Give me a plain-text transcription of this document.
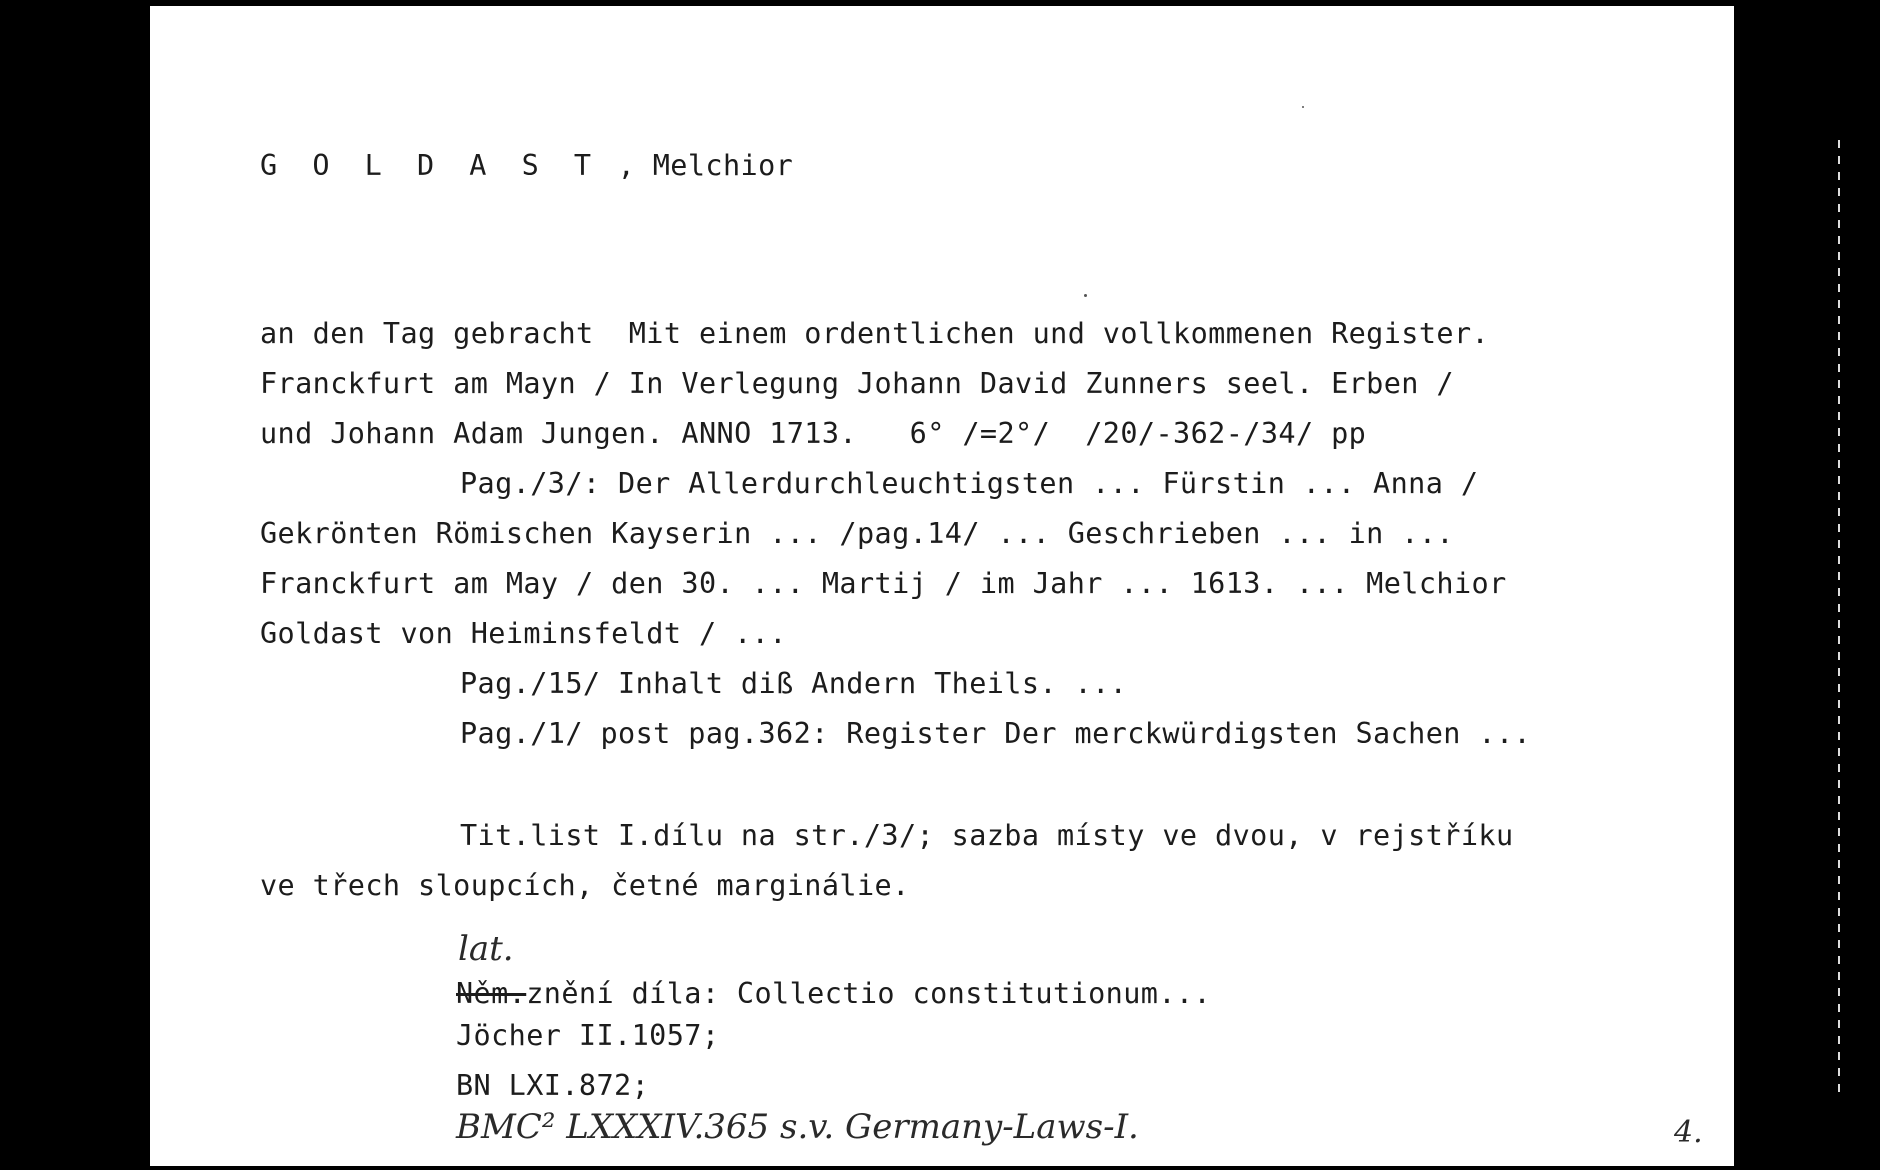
G O L D A S T , Melchior
an den Tag gebracht  Mit einem ordentlichen und vollkommenen Register.
Franckfurt am Mayn / In Verlegung Johann David Zunners seel. Erben /
und Johann Adam Jungen. ANNO 1713.   6° /=2°/  /20/-362-/34/ pp
Pag./3/: Der Allerdurchleuchtigsten ... Fürstin ... Anna /
Gekrönten Römischen Kayserin ... /pag.14/ ... Geschrieben ... in ...
Franckfurt am May / den 30. ... Martij / im Jahr ... 1613. ... Melchior
Goldast von Heiminsfeldt / ...
Pag./15/ Inhalt diß Andern Theils. ...
Pag./1/ post pag.362: Register Der merckwürdigsten Sachen ...
Tit.list I.dílu na str./3/; sazba místy ve dvou, v rejstříku
ve třech sloupcích, četné marginálie.
lat.
Něm.znění díla: Collectio constitutionum...
Jöcher II.1057;
BN LXI.872;
BMC² LXXXIV.365 s.v. Germany-Laws-I.	4.
